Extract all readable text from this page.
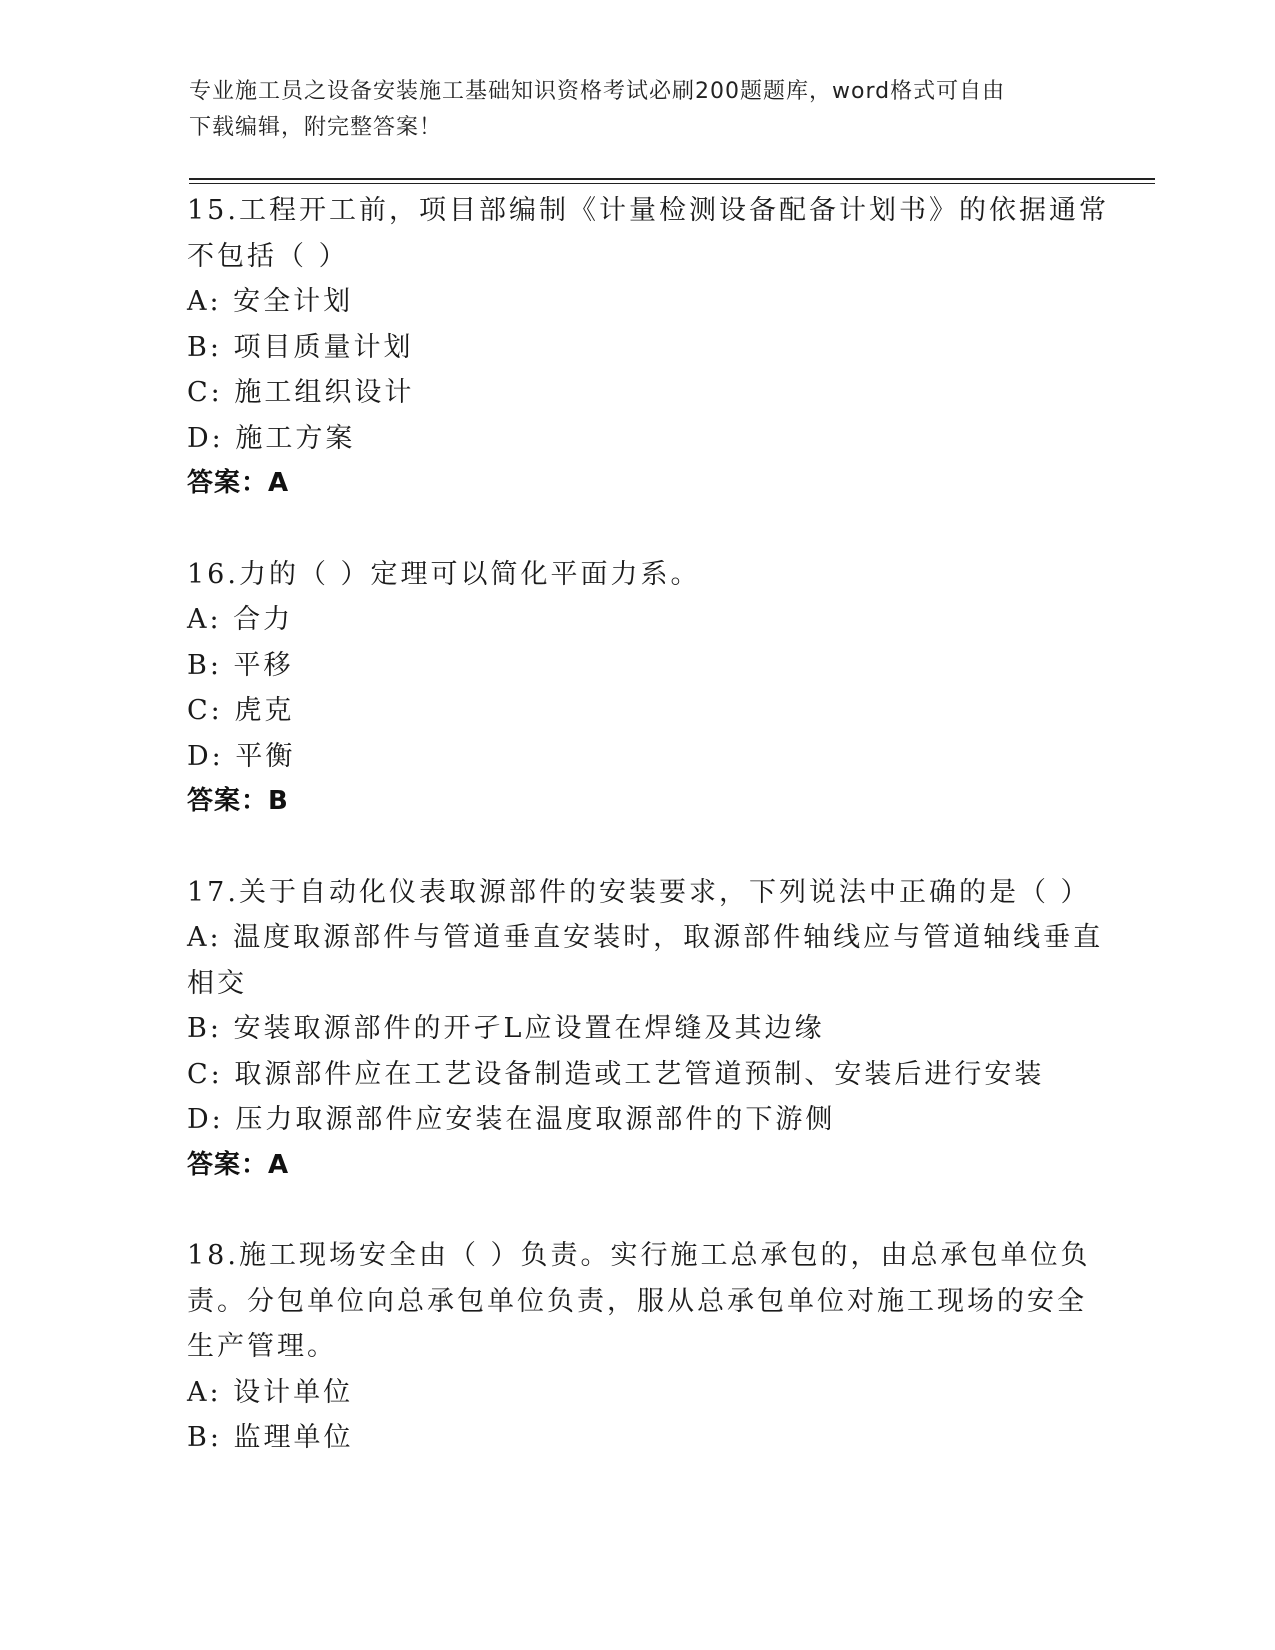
专业施工员之设备安装施工基础知识资格考试必刷200题题库，word格式可自由
下载编辑，附完整答案！
15.工程开工前，项目部编制《计量检测设备配备计划书》的依据通常
不包括（ ）
A: 安全计划
B: 项目质量计划
C: 施工组织设计
D: 施工方案
答案：A
16.力的（ ）定理可以简化平面力系。
A: 合力
B: 平移
C: 虎克
D: 平衡
答案：B
17.关于自动化仪表取源部件的安装要求，下列说法中正确的是（ ）
A: 温度取源部件与管道垂直安装时，取源部件轴线应与管道轴线垂直
相交
B: 安装取源部件的开孑L应设置在焊缝及其边缘
C: 取源部件应在工艺设备制造或工艺管道预制、安装后进行安装
D: 压力取源部件应安装在温度取源部件的下游侧
答案：A
18.施工现场安全由（ ）负责。实行施工总承包的，由总承包单位负
责。分包单位向总承包单位负责，服从总承包单位对施工现场的安全
生产管理。
A: 设计单位
B: 监理单位
